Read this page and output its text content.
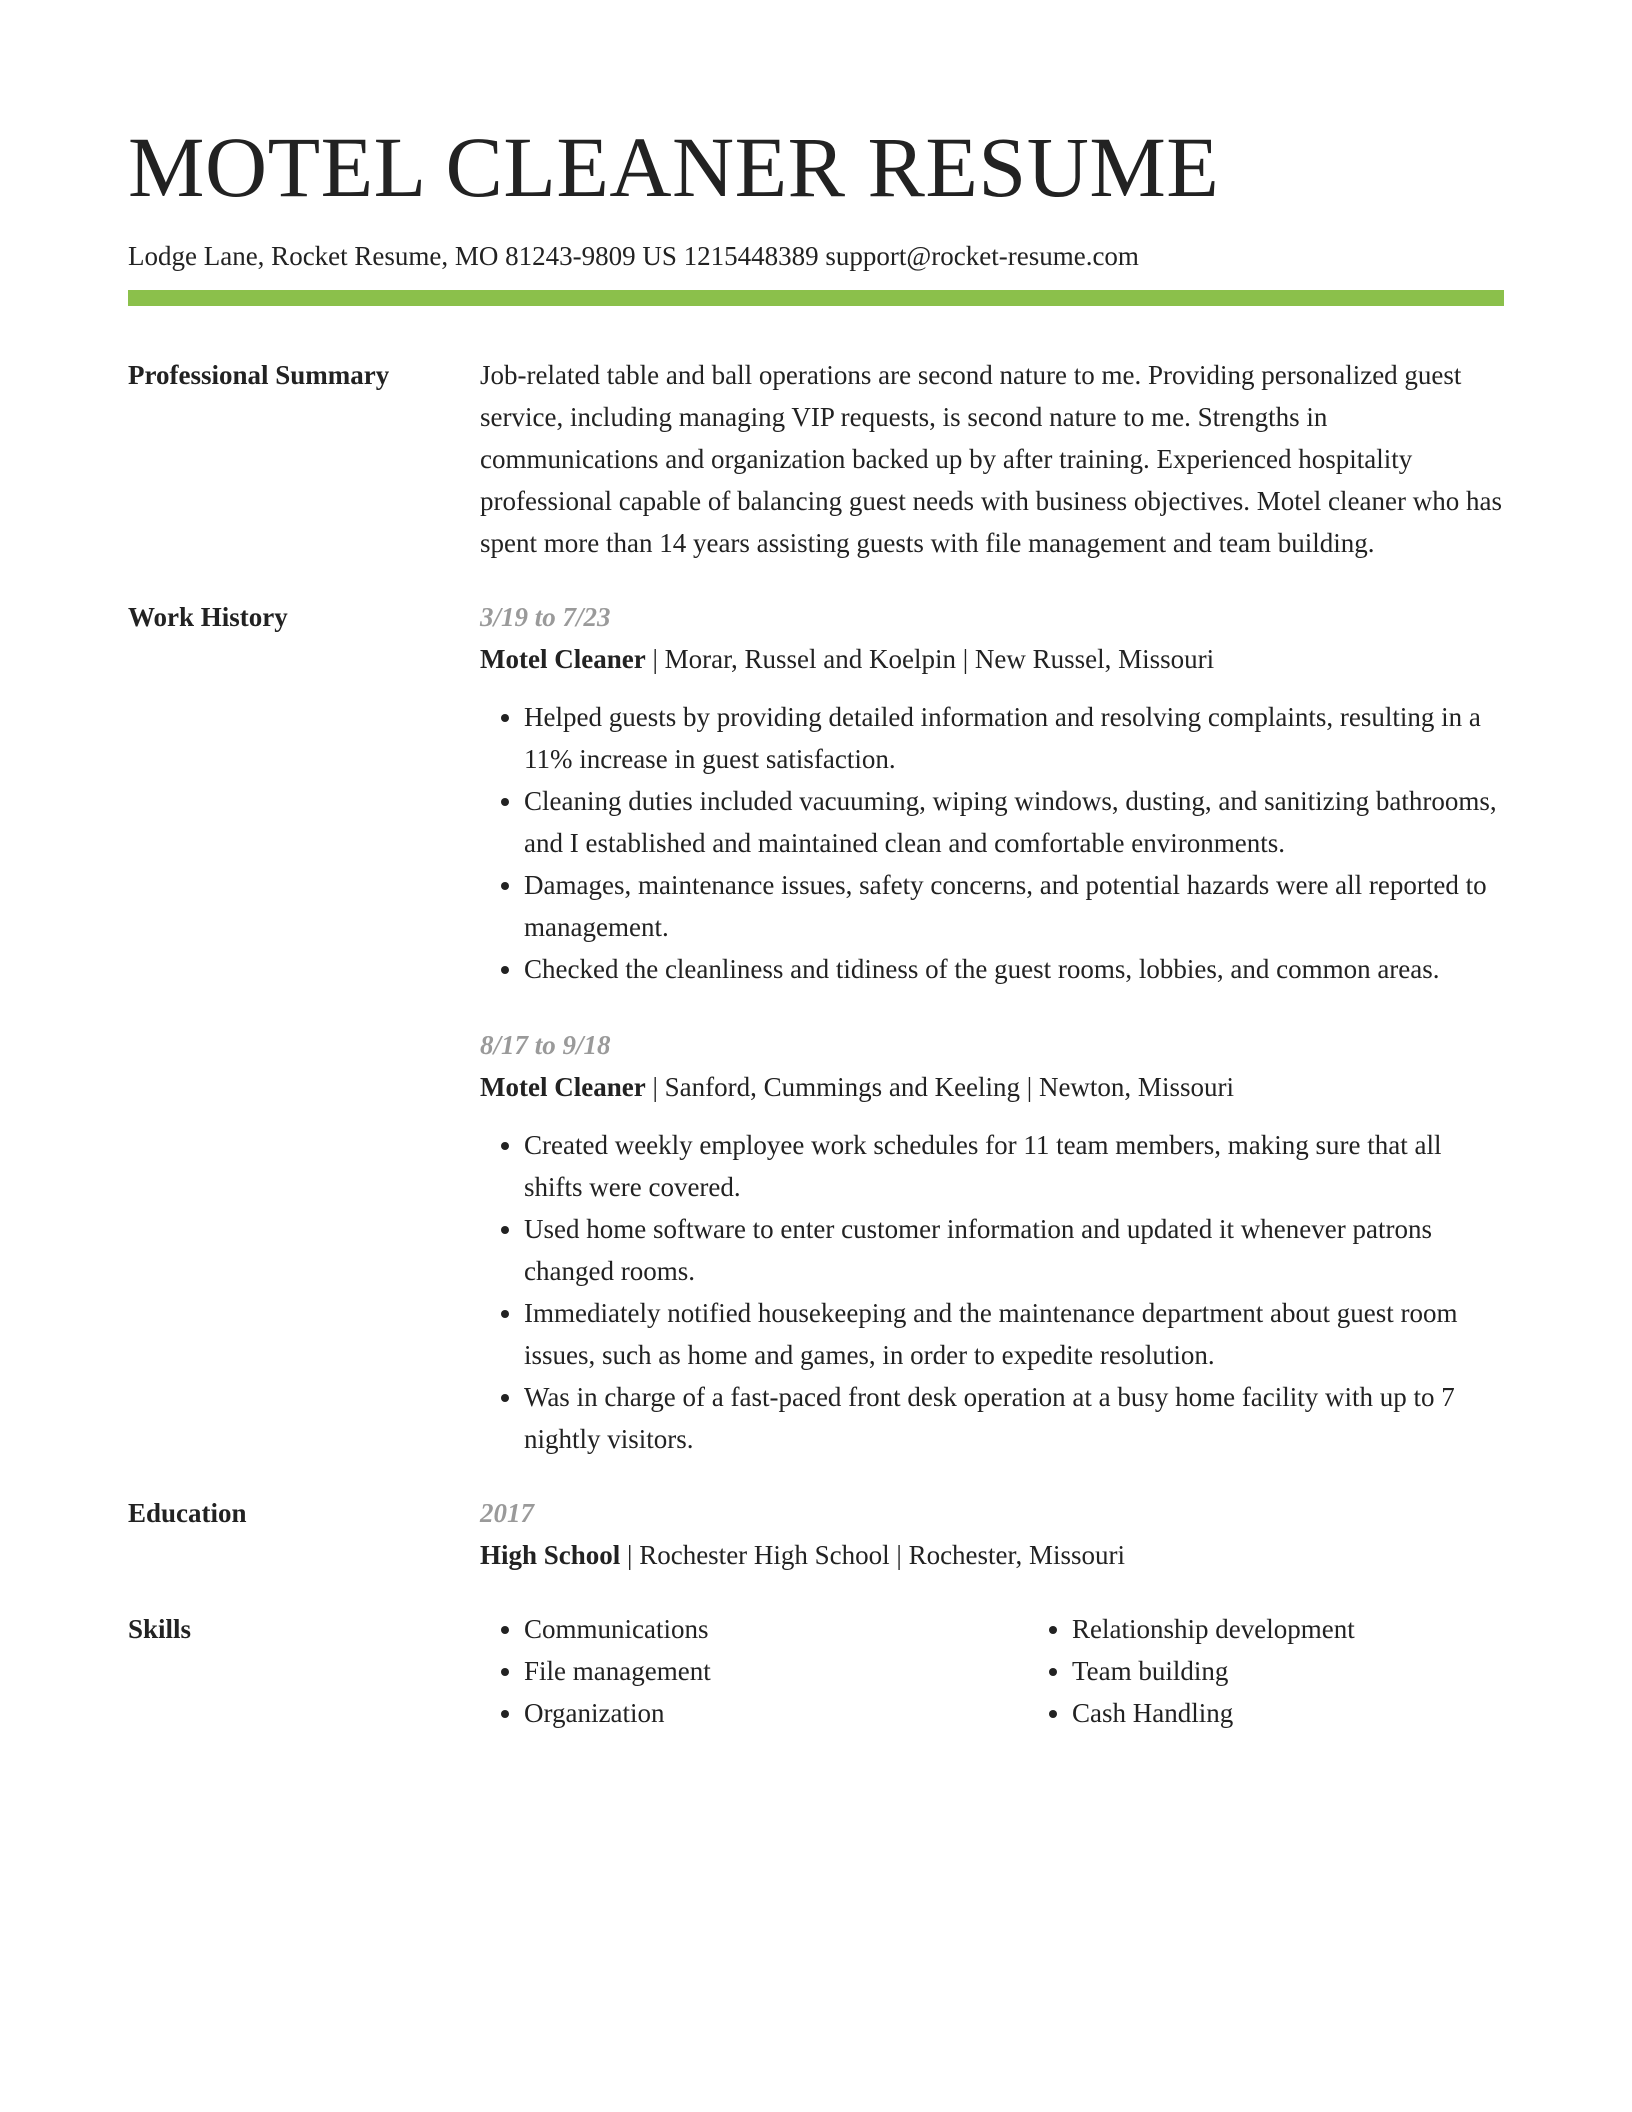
MOTEL CLEANER RESUME
Lodge Lane, Rocket Resume, MO 81243-9809 US 1215448389 support@rocket-resume.com
Professional Summary	Job-related table and ball operations are second nature to me. Providing personalized guest service, including managing VIP requests, is second nature to me. Strengths in communications and organization backed up by after training. Experienced hospitality professional capable of balancing guest needs with business objectives. Motel cleaner who has spent more than 14 years assisting guests with file management and team building.
Work History	3/19 to 7/23
Motel Cleaner | Morar, Russel and Koelpin | New Russel, Missouri
• Helped guests by providing detailed information and resolving complaints, resulting in a 11% increase in guest satisfaction.
• Cleaning duties included vacuuming, wiping windows, dusting, and sanitizing bathrooms, and I established and maintained clean and comfortable environments.
• Damages, maintenance issues, safety concerns, and potential hazards were all reported to management.
• Checked the cleanliness and tidiness of the guest rooms, lobbies, and common areas.
8/17 to 9/18
Motel Cleaner | Sanford, Cummings and Keeling | Newton, Missouri
• Created weekly employee work schedules for 11 team members, making sure that all shifts were covered.
• Used home software to enter customer information and updated it whenever patrons changed rooms.
• Immediately notified housekeeping and the maintenance department about guest room issues, such as home and games, in order to expedite resolution.
• Was in charge of a fast-paced front desk operation at a busy home facility with up to 7 nightly visitors.
Education	2017
High School | Rochester High School | Rochester, Missouri
Skills
•	Communications
• File management
• Organization
• Relationship development
• Team building
• Cash Handling
